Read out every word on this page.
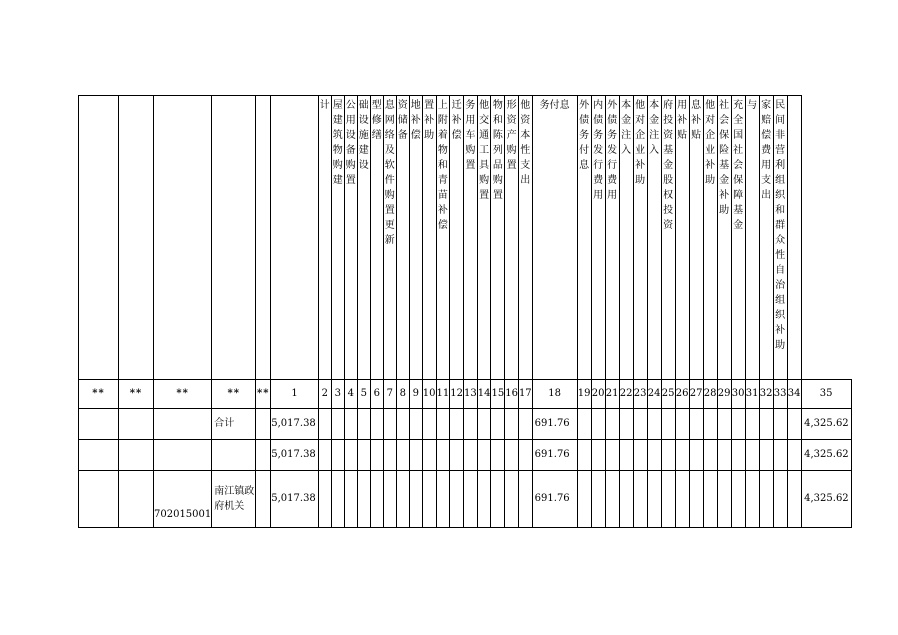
						计	屋建筑物购建	公用设备购置	础设施建设	型修缮	息网络及软件购置更新	资储备	地补偿	置补助	上附着物和青苗补偿	迁补偿	务用车购置	他交通工具购置	物和陈列品购置	形资产购置	他资本性支出	务付息	外债务付息	内债务发行费用	外债务发行费用	本金注入	他对企业补助	本金注入	府投资基金股权投资	用补贴	息补贴	他对企业补助	社会保险基金补助	充全国社会保障基金	与	家赔偿费用支出	民间非营利组织和群众性自治组织补助		

**	**	**	**	**	1	2	3	4	5	6	7	8	9	10	11	12	13	14	15	16	17	18	19	20	21	22	23	24	25	26	27	28	29	30	31	32	33	34	35
			合计		5,017.38																	691.76																	4,325.62
					5,017.38																	691.76																	4,325.62
		702015001	南江镇政府机关		5,017.38																	691.76																	4,325.62
